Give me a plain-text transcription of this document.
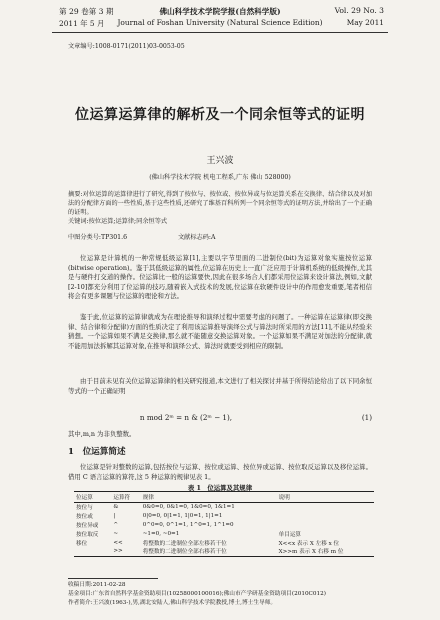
第 29 卷第 3 期	佛山科学技术学院学报(自然科学版)	Vol. 29 No. 3
2011 年 5 月	Journal of Foshan University (Natural Science Edition)	May 2011
文章编号:1008-0171(2011)03-0053-05
位运算运算律的解析及一个同余恒等式的证明
王兴波
(佛山科学技术学院 机电工程系,广东 佛山 528000)
摘要:对位运算的运算律进行了研究,得到了按位与、按位或、按位异或与位运算关系在交换律、结合律以及对加法的分配律方面的一些性质,基于这些性质,还研究了维基百科所列一个同余恒等式的证明方法,并给出了一个正确的证明。
关键词:按位运算;运算律;同余恒等式
中图分类号:TP301.6	文献标志码:A
位运算是计算机的一种常规低级运算[1],主要以字节里面的二进制位(bit)为运算对象实施按位运算(bitwise operation)。鉴于其低级运算的属性,位运算在历史上一直广泛应用于计算机系统的低级操作,尤其是与硬件打交道的操作。位运算比一般的运算要快,因此在很多场合人们都采用位运算来设计算法,例如,文献[2-10]都充分利用了位运算的技巧,随着嵌入式技术的发展,位运算在软硬件设计中的作用愈发重要,笔者相信将会有更多课题与位运算的理论和方法。
鉴于此,位运算的运算律就成为在理论推导和演绎过程中需要考虑的问题了。一种运算在运算律(即交换律、结合律和分配律)方面的性质决定了利用该运算推导演绎公式与算法时所采用的方法[11],不能从经验来猜想。一个运算如果不满足交换律,那么就不能随意交换运算对象。一个运算如果不满足对加法的分配律,就不能用加法拆解其运算对象,在推导和演绎公式、算法时就要受到相应的限制。
由于目前未见有关位运算运算律的相关研究报道,本文进行了相关探讨并基于所得结论给出了以下同余恒等式的一个正确证明
n mod 2ᵐ = n & (2ᵐ − 1),	(1)
其中,m,n 为非负整数。
1　位运算简述
位运算是针对整数的运算,包括按位与运算、按位或运算、按位异或运算、按位取反运算以及移位运算。借用 C 语言运算的算符,这 5 种运算的规律见表 1。
表 1　位运算及其规律
位运算	运算符	规律	说明
按位与	&	0&0=0, 0&1=0, 1&0=0, 1&1=1	
按位或	|	0|0=0, 0|1=1, 1|0=1, 1|1=1	
按位异或	^	0^0=0, 0^1=1, 1^0=1, 1^1=0	
按位取反	~	~1=0, ~0=1	单目运算
移位	<<	将整数的二进制位全部左移若干位	X<<x 表示 X 左移 x 位
	>>	将整数的二进制位全部右移若干位	X>>m 表示 X 右移 m 位
收稿日期:2011-02-28
基金项目:广东省自然科学基金资助项目(10258000100016);佛山市产学研基金资助项目(2010C012)
作者简介:王兴波(1963-),男,湖北安陆人,佛山科学技术学院教授,博士,博士生导师。
